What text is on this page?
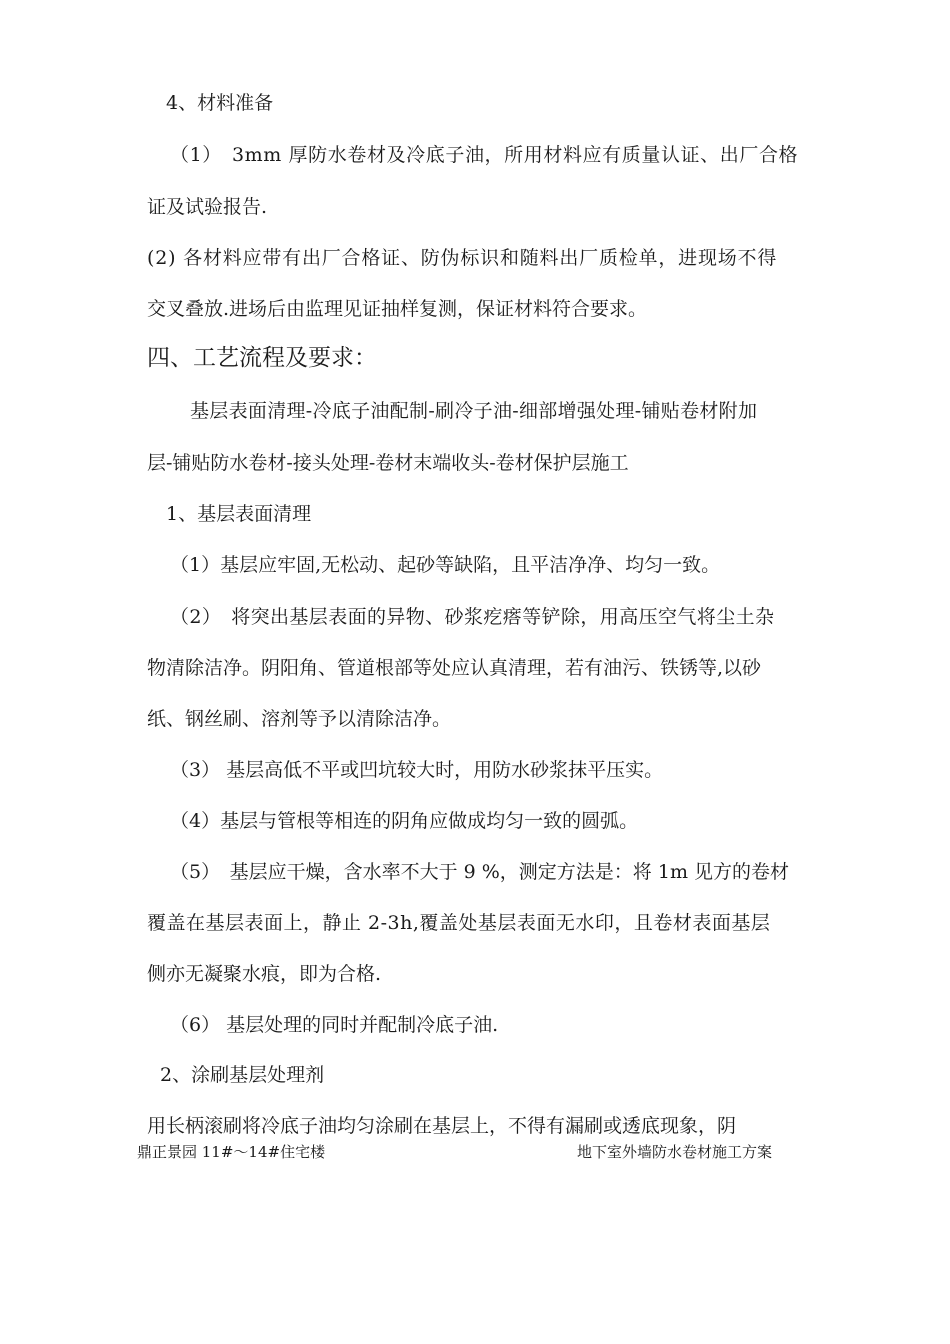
4、材料准备
（1）　3mm 厚防水卷材及冷底子油，所用材料应有质量认证、出厂合格
证及试验报告.
(2) 各材料应带有出厂合格证、防伪标识和随料出厂质检单，进现场不得
交叉叠放.进场后由监理见证抽样复测，保证材料符合要求。
四、工艺流程及要求：
基层表面清理-冷底子油配制-刷冷子油-细部增强处理-铺贴卷材附加
层-铺贴防水卷材-接头处理-卷材末端收头-卷材保护层施工
1、基层表面清理
（1）基层应牢固,无松动、起砂等缺陷，且平洁净净、均匀一致。
（2）　将突出基层表面的异物、砂浆疙瘩等铲除，用高压空气将尘土杂
物清除洁净。阴阳角、管道根部等处应认真清理，若有油污、铁锈等,以砂
纸、钢丝刷、溶剂等予以清除洁净。
（3） 基层高低不平或凹坑较大时，用防水砂浆抹平压实。
（4）基层与管根等相连的阴角应做成均匀一致的圆弧。
（5）　基层应干燥，含水率不大于 9 %，测定方法是：将 1m 见方的卷材
覆盖在基层表面上，静止 2-3h,覆盖处基层表面无水印，且卷材表面基层
侧亦无凝聚水痕，即为合格.
（6） 基层处理的同时并配制冷底子油.
2、涂刷基层处理剂
用长柄滚刷将冷底子油均匀涂刷在基层上，不得有漏刷或透底现象，阴
鼎正景园 11#〜14#住宅楼	地下室外墙防水卷材施工方案
